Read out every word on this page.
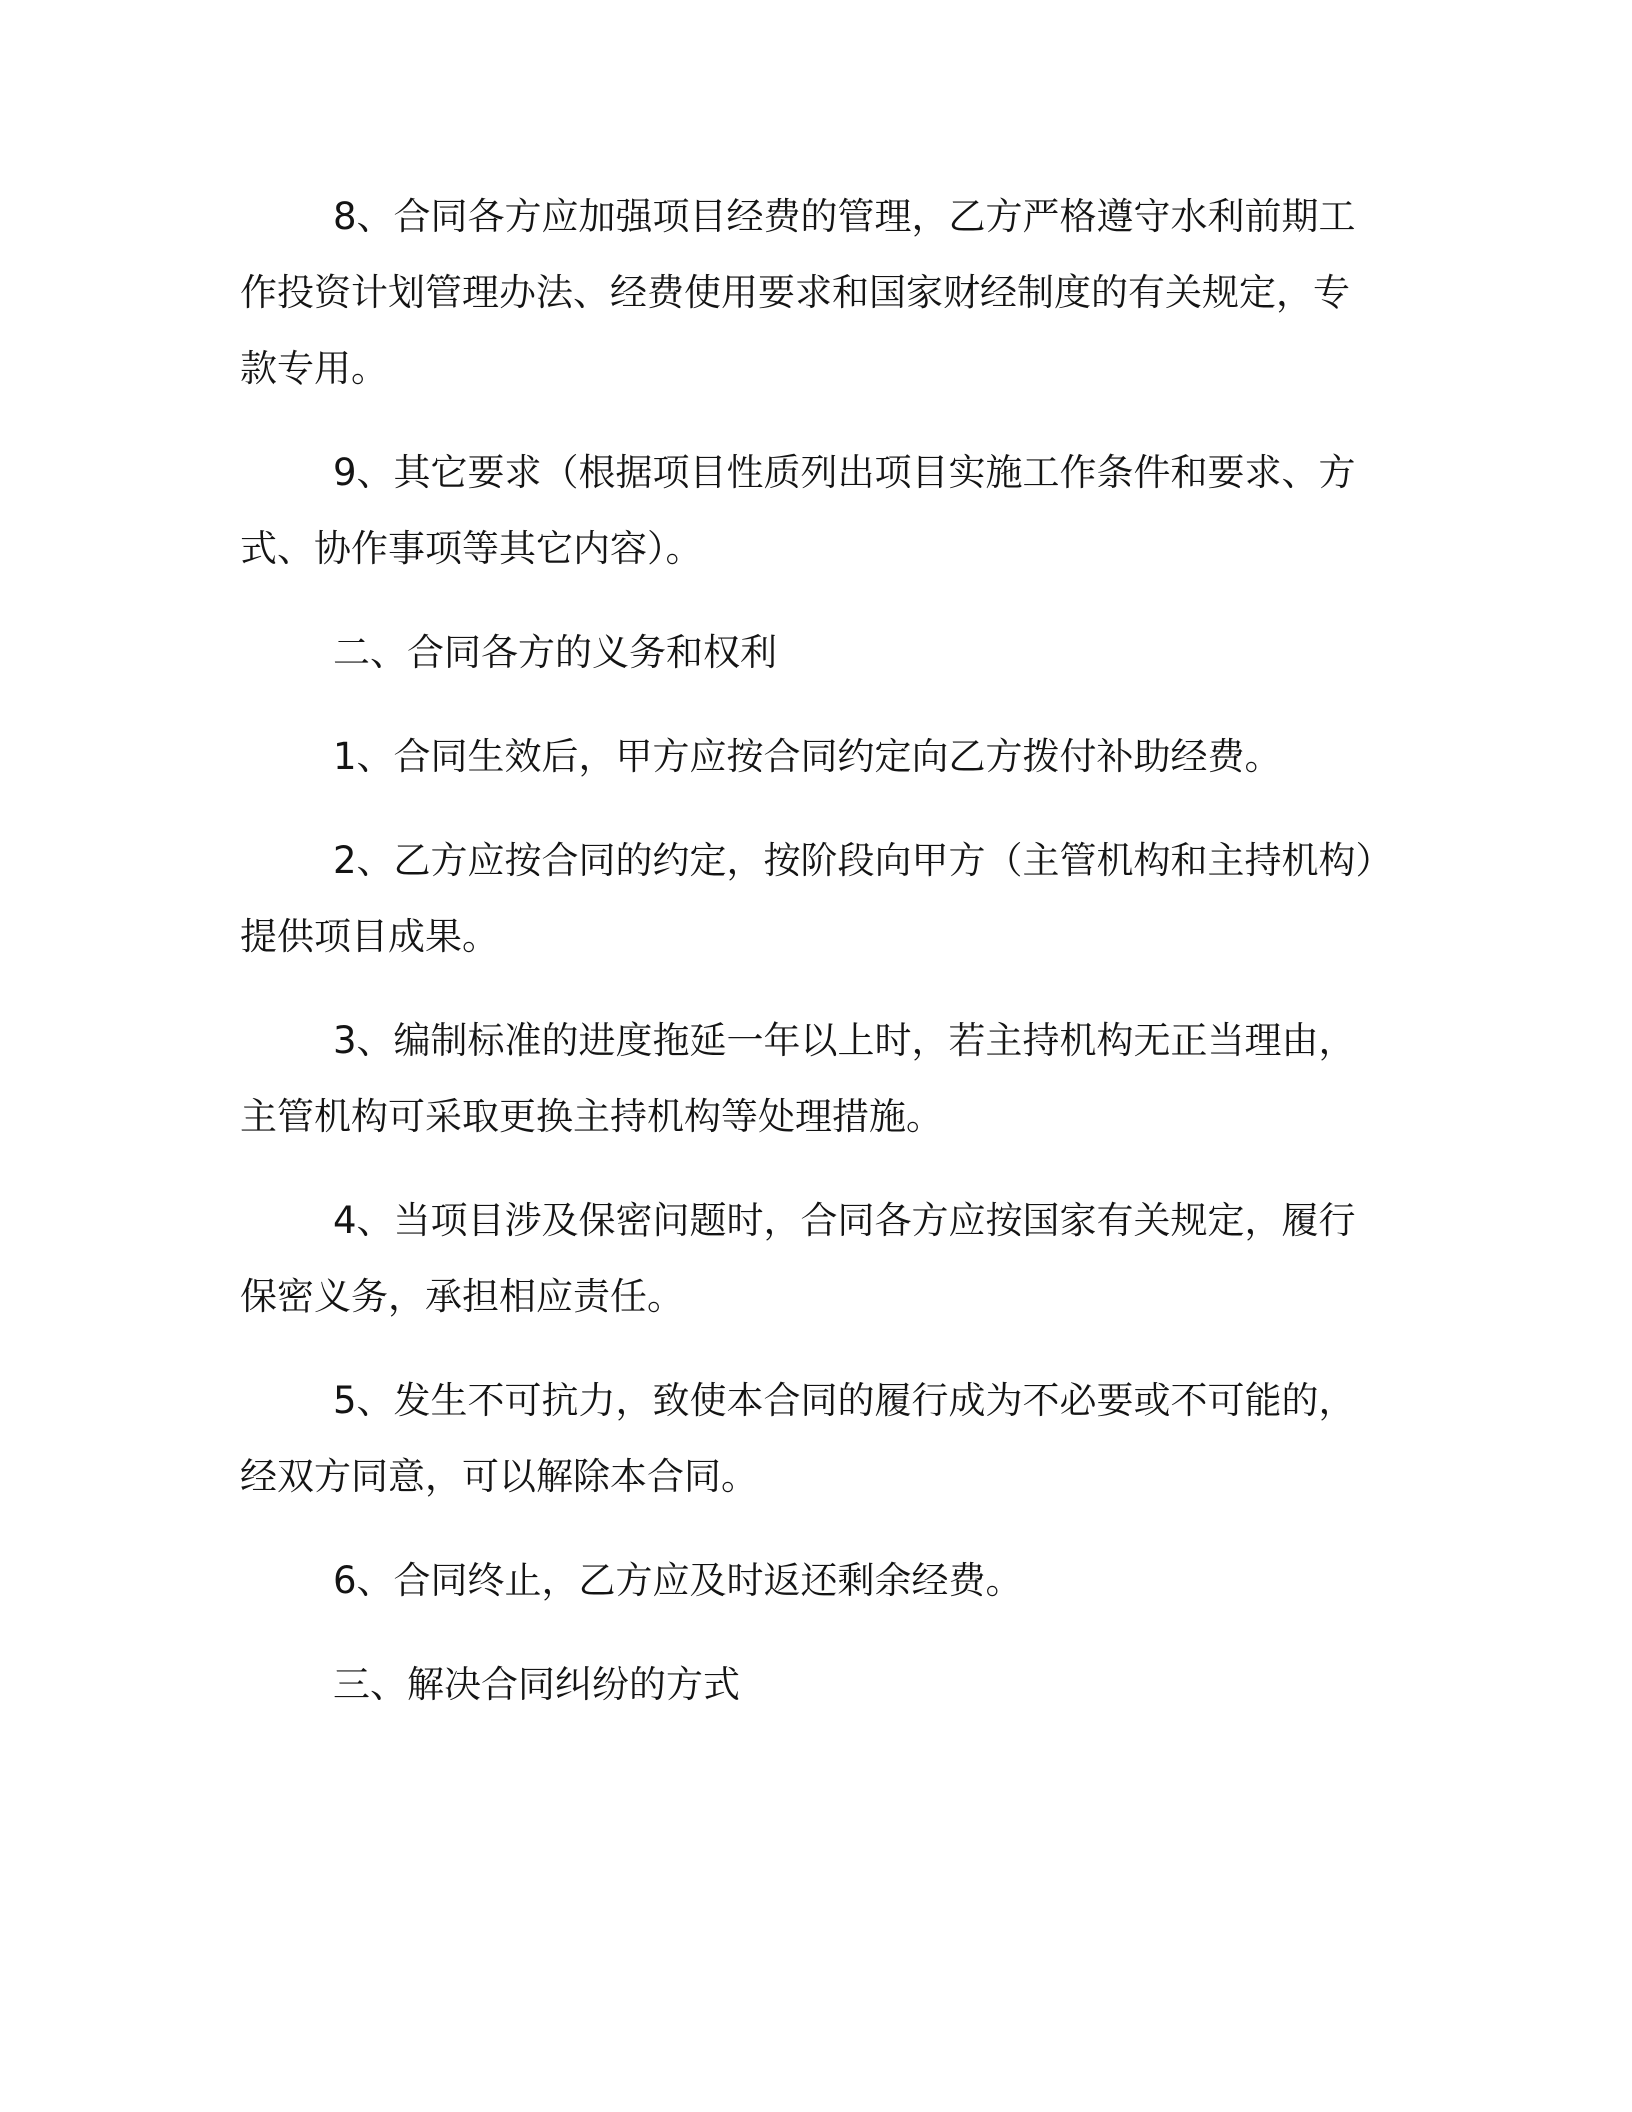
8、合同各方应加强项目经费的管理，乙方严格遵守水利前期工
作投资计划管理办法、经费使用要求和国家财经制度的有关规定，专
款专用。
9、其它要求（根据项目性质列出项目实施工作条件和要求、方
式、协作事项等其它内容）。
二、合同各方的义务和权利
1、合同生效后，甲方应按合同约定向乙方拨付补助经费。
2、乙方应按合同的约定，按阶段向甲方（主管机构和主持机构）
提供项目成果。
3、编制标准的进度拖延一年以上时，若主持机构无正当理由，
主管机构可采取更换主持机构等处理措施。
4、当项目涉及保密问题时，合同各方应按国家有关规定，履行
保密义务，承担相应责任。
5、发生不可抗力，致使本合同的履行成为不必要或不可能的，
经双方同意，可以解除本合同。
6、合同终止，乙方应及时返还剩余经费。
三、解决合同纠纷的方式
